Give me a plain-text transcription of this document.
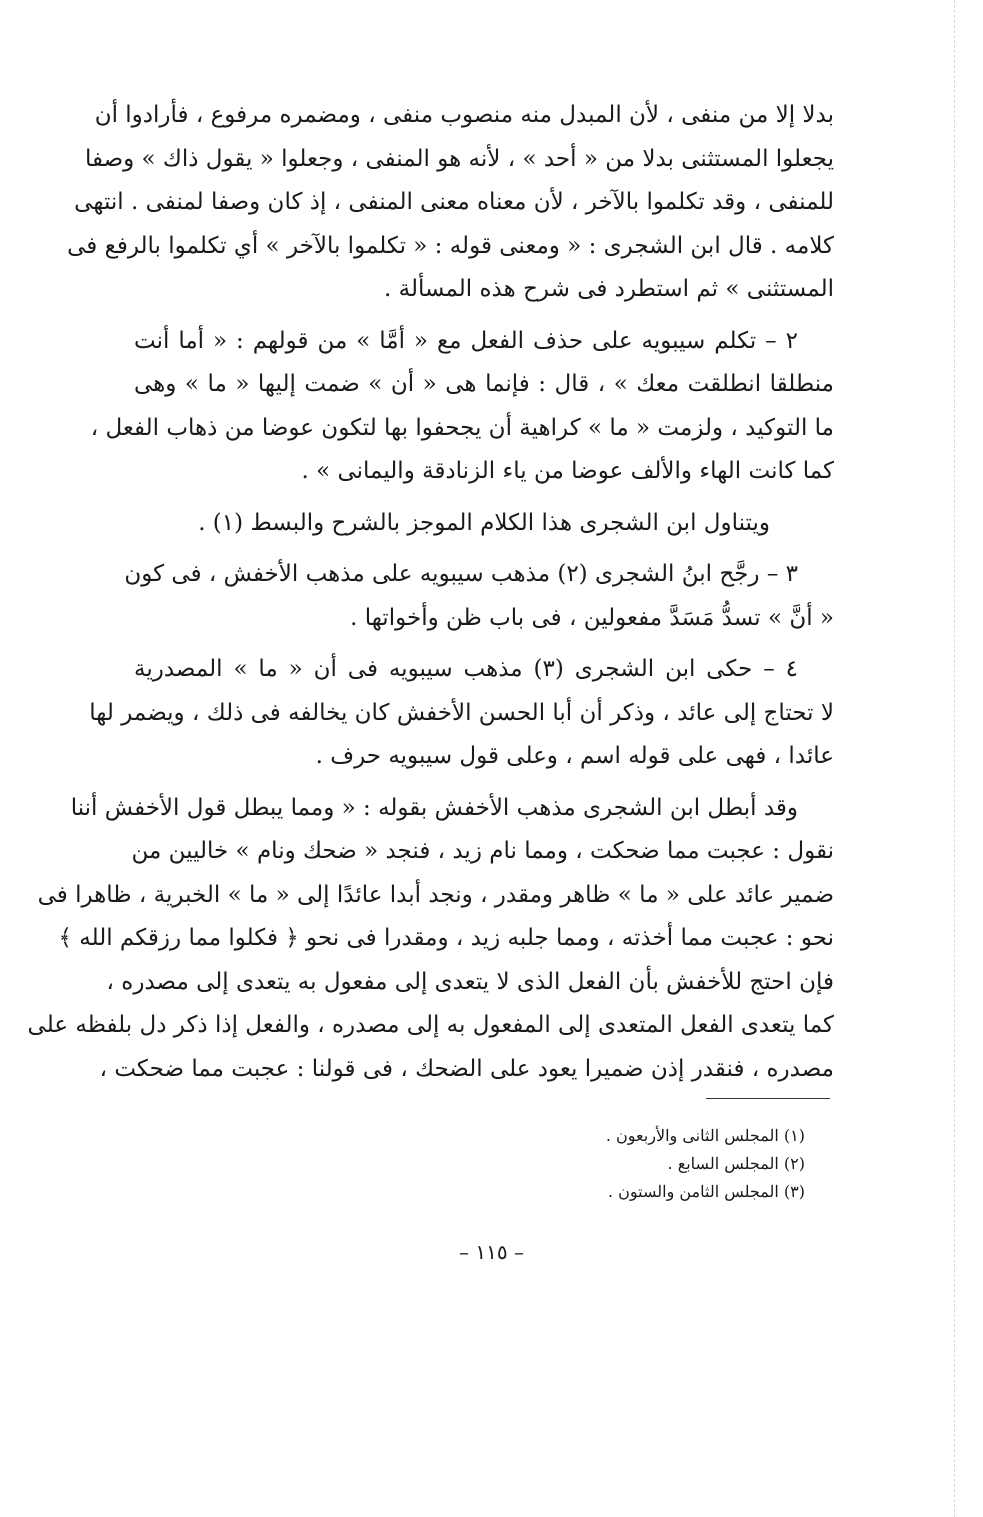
بدلا إلا من منفى ، لأن المبدل منه منصوب منفى ، ومضمره مرفوع ، فأرادوا أن
يجعلوا المستثنى بدلا من « أحد » ، لأنه هو المنفى ، وجعلوا « يقول ذاك » وصفا
للمنفى ، وقد تكلموا بالآخر ، لأن معناه معنى المنفى ، إذ كان وصفا لمنفى . انتهى
كلامه . قال ابن الشجرى : « ومعنى قوله : « تكلموا بالآخر » أي تكلموا بالرفع فى
المستثنى » ثم استطرد فى شرح هذه المسألة .
٢ – تكلم سيبويه على حذف الفعل مع « أمَّا » من قولهم : « أما أنت
منطلقا انطلقت معك » ، قال : فإنما هى « أن » ضمت إليها « ما » وهى
ما التوكيد ، ولزمت « ما » كراهية أن يجحفوا بها لتكون عوضا من ذهاب الفعل ،
كما كانت الهاء والألف عوضا من ياء الزنادقة واليمانى » .
ويتناول ابن الشجرى هذا الكلام الموجز بالشرح والبسط (١) .
٣ – رجَّح ابنُ الشجرى (٢) مذهب سيبويه على مذهب الأخفش ، فى كون
« أنَّ » تسدُّ مَسَدَّ مفعولين ، فى باب ظن وأخواتها .
٤ – حكى ابن الشجرى (٣) مذهب سيبويه فى أن « ما » المصدرية
لا تحتاج إلى عائد ، وذكر أن أبا الحسن الأخفش كان يخالفه فى ذلك ، ويضمر لها
عائدا ، فهى على قوله اسم ، وعلى قول سيبويه حرف .
وقد أبطل ابن الشجرى مذهب الأخفش بقوله : « ومما يبطل قول الأخفش أننا
نقول : عجبت مما ضحكت ، ومما نام زيد ، فنجد « ضحك ونام » خاليين من
ضمير عائد على « ما » ظاهر ومقدر ، ونجد أبدا عائدًا إلى « ما » الخبرية ، ظاهرا فى
نحو : عجبت مما أخذته ، ومما جلبه زيد ، ومقدرا فى نحو ﴿ فكلوا مما رزقكم الله ﴾
فإن احتج للأخفش بأن الفعل الذى لا يتعدى إلى مفعول به يتعدى إلى مصدره ،
كما يتعدى الفعل المتعدى إلى المفعول به إلى مصدره ، والفعل إذا ذكر دل بلفظه على
مصدره ، فنقدر إذن ضميرا يعود على الضحك ، فى قولنا : عجبت مما ضحكت ،
(١) المجلس الثانى والأربعون .
(٢) المجلس السابع .
(٣) المجلس الثامن والستون .
– ١١٥ –
